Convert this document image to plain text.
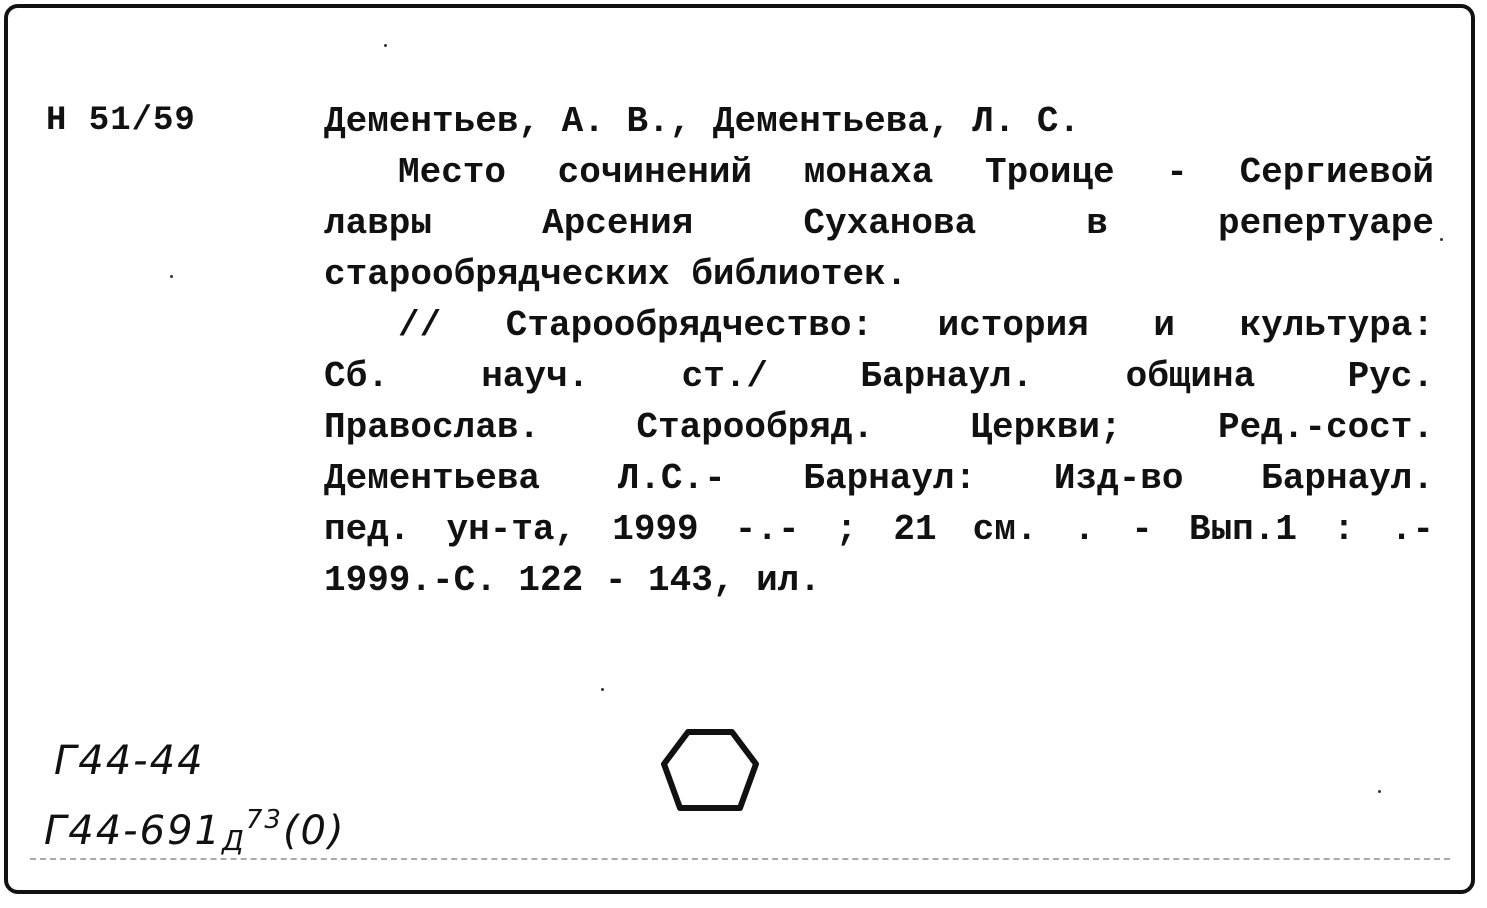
Н 51/59	Дементьев, А. В., Дементьева, Л. С.
Место сочинений монаха Троице - Сергиевой
лавры Арсения Суханова в репертуаре
старообрядческих библиотек.
// Старообрядчество: история и культура:
Сб. науч. ст./ Барнаул. община Рус.
Православ. Старообряд. Церкви; Ред.-сост.
Дементьева Л.С.- Барнаул: Изд-во Барнаул.
пед. ун-та, 1999 -.- ; 21 см. . - Вып.1 : .-
1999.-С. 122 - 143, ил.
Г44-44
$Г44-691_Д^{73}(0)$
